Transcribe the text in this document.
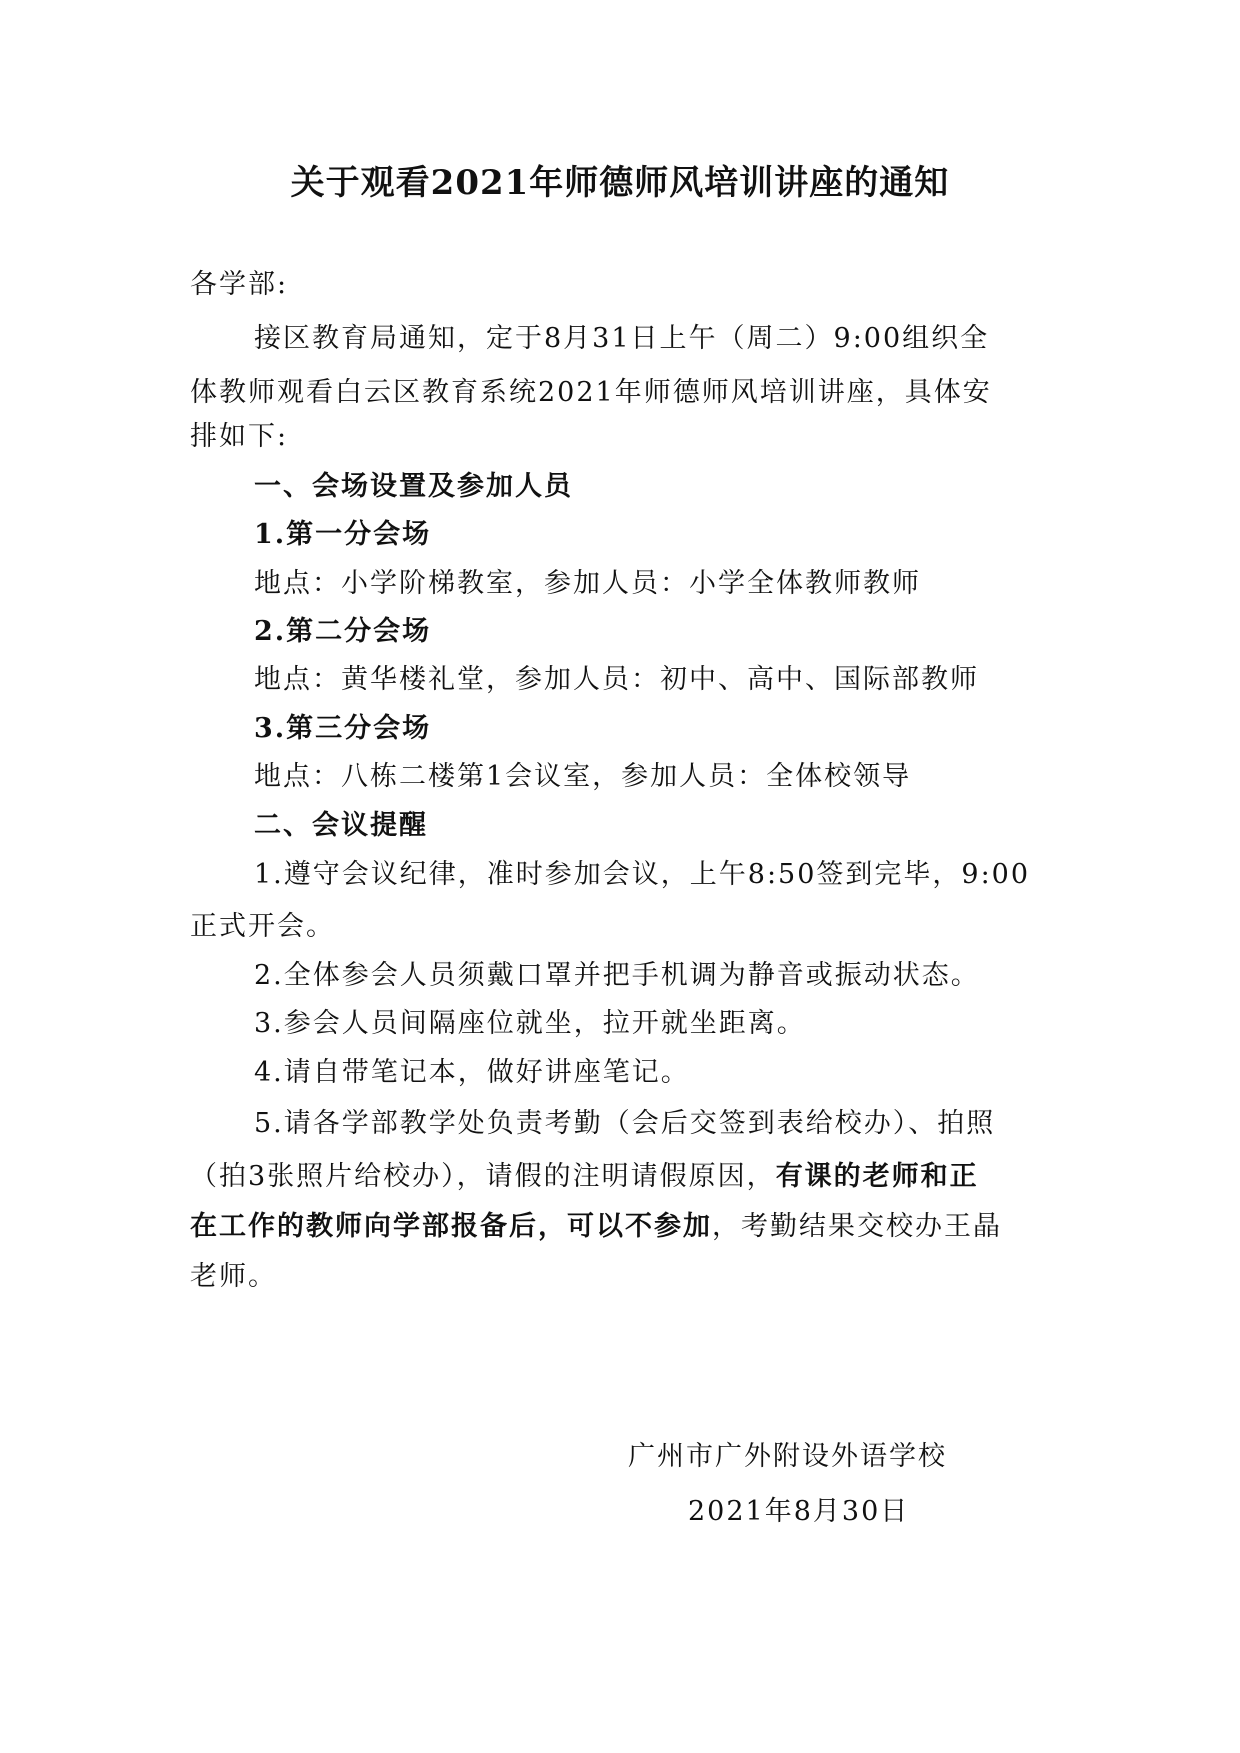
关于观看2021年师德师风培训讲座的通知
各学部:
接区教育局通知，定于8月31日上午（周二）9:00组织全
体教师观看白云区教育系统2021年师德师风培训讲座，具体安
排如下:
一、会场设置及参加人员
1.第一分会场
地点：小学阶梯教室，参加人员：小学全体教师教师
2.第二分会场
地点：黄华楼礼堂，参加人员：初中、高中、国际部教师
3.第三分会场
地点：八栋二楼第1会议室，参加人员：全体校领导
二、会议提醒
1.遵守会议纪律，准时参加会议，上午8:50签到完毕，9:00
正式开会。
2.全体参会人员须戴口罩并把手机调为静音或振动状态。
3.参会人员间隔座位就坐，拉开就坐距离。
4.请自带笔记本，做好讲座笔记。
5.请各学部教学处负责考勤（会后交签到表给校办）、拍照
（拍3张照片给校办），请假的注明请假原因，有课的老师和正
在工作的教师向学部报备后，可以不参加，考勤结果交校办王晶
老师。
广州市广外附设外语学校
2021年8月30日
